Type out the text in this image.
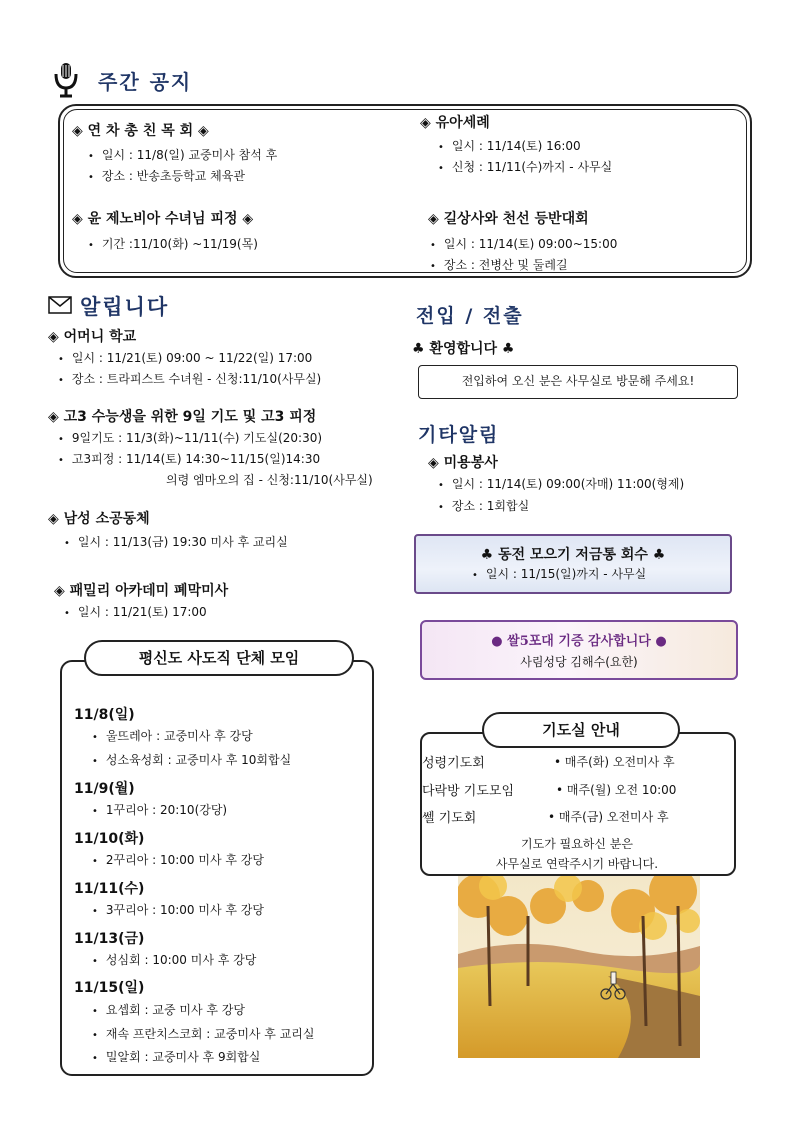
주간 공지
◈ 연 차 총 친 목 회 ◈
• 일시 : 11/8(일) 교중미사 참석 후
• 장소 : 반송초등학교 체육관
◈ 윤 제노비아 수녀님 피정 ◈
• 기간 :11/10(화) ~11/19(목)
◈ 유아세례
• 일시 : 11/14(토) 16:00
• 신청 : 11/11(수)까지 - 사무실
◈ 길상사와 천선 등반대회
• 일시 : 11/14(토) 09:00~15:00
• 장소 : 전병산 및 둘레길
알립니다
◈ 어머니 학교
• 일시 : 11/21(토) 09:00 ~ 11/22(일) 17:00
• 장소 : 트라피스트 수녀원 - 신청:11/10(사무실)
◈ 고3 수능생을 위한 9일 기도 및 고3 피정
• 9일기도 : 11/3(화)~11/11(수) 기도실(20:30)
• 고3피정 : 11/14(토) 14:30~11/15(일)14:30
의령 엠마오의 집 - 신청:11/10(사무실)
◈ 남성 소공동체
• 일시 : 11/13(금) 19:30 미사 후 교리실
◈ 패밀리 아카데미 폐막미사
• 일시 : 11/21(토) 17:00
평신도 사도직 단체 모임
11/8(일)
• 울뜨레아 : 교중미사 후 강당
• 성소육성회 : 교중미사 후 10회합실
11/9(월)
• 1꾸리아 : 20:10(강당)
11/10(화)
• 2꾸리아 : 10:00 미사 후 강당
11/11(수)
• 3꾸리아 : 10:00 미사 후 강당
11/13(금)
• 성심회 : 10:00 미사 후 강당
11/15(일)
• 요셉회 : 교중 미사 후 강당
• 재속 프란치스코회 : 교중미사 후 교리실
• 밀알회 : 교중미사 후 9회합실
전입 / 전출
♣ 환영합니다 ♣
전입하여 오신 분은 사무실로 방문해 주세요!
기타알림
◈ 미용봉사
• 일시 : 11/14(토) 09:00(자매) 11:00(형제)
• 장소 : 1회합실
♣ 동전 모으기 저금통 회수 ♣
• 일시 : 11/15(일)까지 - 사무실
● 쌀5포대 기증 감사합니다 ●
사림성당 김해수(요한)
기도실 안내
성령기도회	• 매주(화) 오전미사 후
다락방 기도모임	• 매주(월) 오전 10:00
쎌 기도회	• 매주(금) 오전미사 후
기도가 필요하신 분은
사무실로 연락주시기 바랍니다.
